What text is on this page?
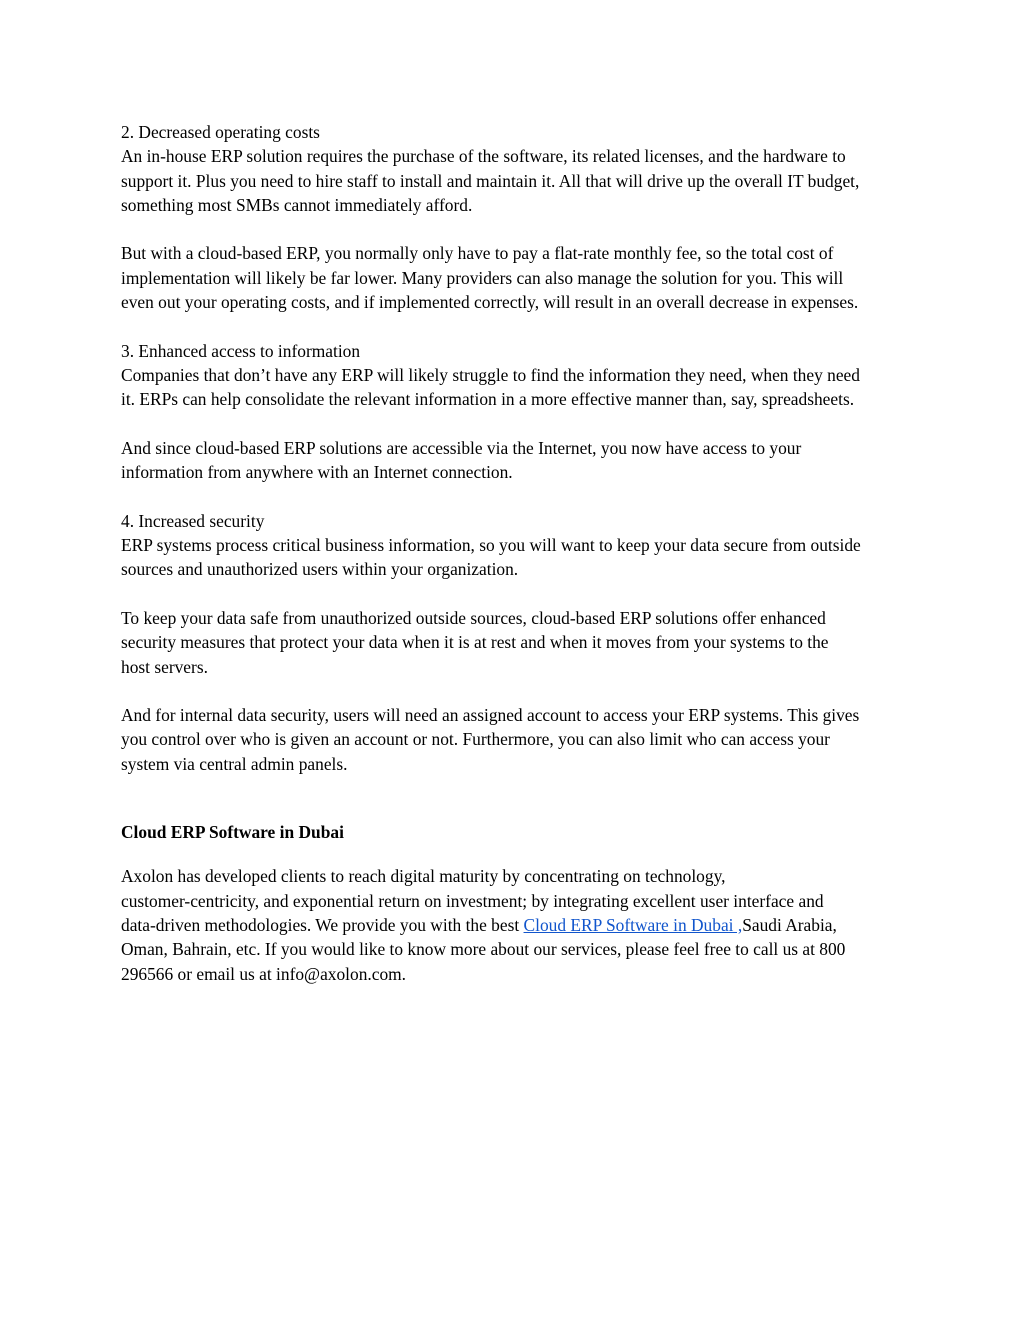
2. Decreased operating costs
An in-house ERP solution requires the purchase of the software, its related licenses, and the hardware to
support it. Plus you need to hire staff to install and maintain it. All that will drive up the overall IT budget,
something most SMBs cannot immediately afford.

But with a cloud-based ERP, you normally only have to pay a flat-rate monthly fee, so the total cost of
implementation will likely be far lower. Many providers can also manage the solution for you. This will
even out your operating costs, and if implemented correctly, will result in an overall decrease in expenses.

3. Enhanced access to information
Companies that don’t have any ERP will likely struggle to find the information they need, when they need
it. ERPs can help consolidate the relevant information in a more effective manner than, say, spreadsheets.

And since cloud-based ERP solutions are accessible via the Internet, you now have access to your
information from anywhere with an Internet connection.

4. Increased security
ERP systems process critical business information, so you will want to keep your data secure from outside
sources and unauthorized users within your organization.

To keep your data safe from unauthorized outside sources, cloud-based ERP solutions offer enhanced
security measures that protect your data when it is at rest and when it moves from your systems to the
host servers.

And for internal data security, users will need an assigned account to access your ERP systems. This gives
you control over who is given an account or not. Furthermore, you can also limit who can access your
system via central admin panels.

Cloud ERP Software in Dubai

Axolon has developed clients to reach digital maturity by concentrating on technology,
customer-centricity, and exponential return on investment; by integrating excellent user interface and
data-driven methodologies. We provide you with the best Cloud ERP Software in Dubai ,Saudi Arabia,
Oman, Bahrain, etc. If you would like to know more about our services, please feel free to call us at 800
296566 or email us at info@axolon.com.
